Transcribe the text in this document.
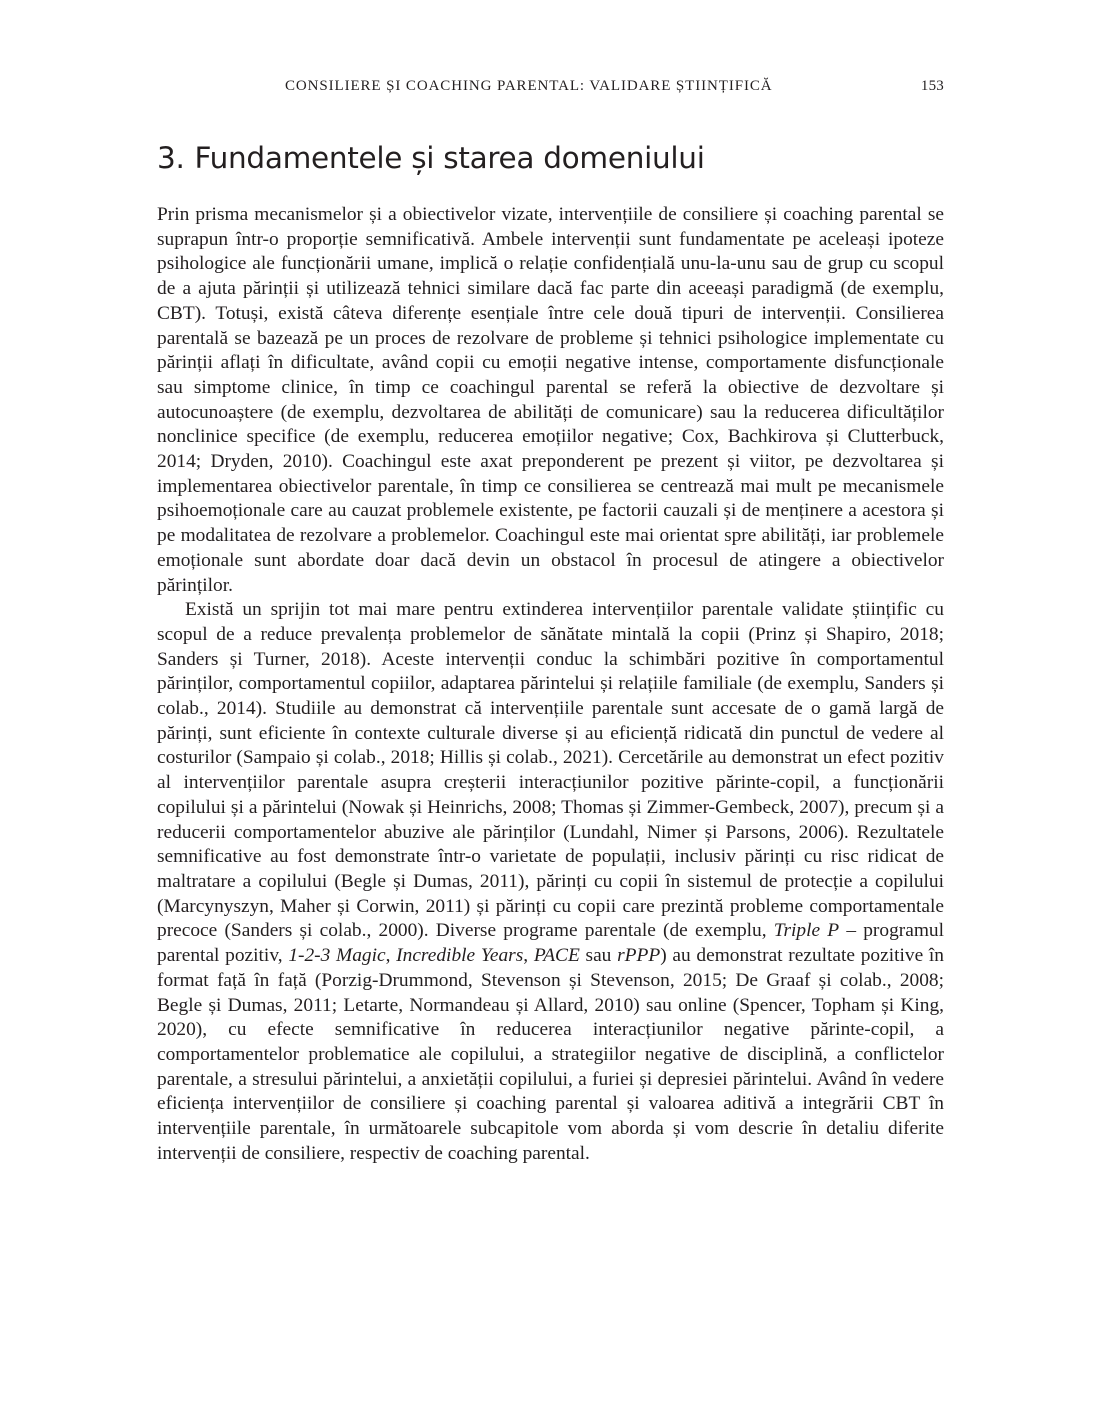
CONSILIERE ȘI COACHING PARENTAL: VALIDARE ȘTIINȚIFICĂ	153
3. Fundamentele și starea domeniului

Prin prisma mecanismelor și a obiectivelor vizate, intervențiile de consiliere și coaching parental se suprapun într-o proporție semnificativă. Ambele intervenții sunt fundamentate pe aceleași ipoteze psihologice ale funcționării umane, implică o relație confidențială unu-la-unu sau de grup cu scopul de a ajuta părinții și utilizează tehnici similare dacă fac parte din aceeași paradigmă (de exemplu, CBT). Totuși, există câteva diferențe esențiale între cele două tipuri de intervenții. Consilierea parentală se bazează pe un proces de rezolvare de probleme și tehnici psihologice implementate cu părinții aflați în dificultate, având copii cu emoții negative intense, comportamente disfuncționale sau simptome clinice, în timp ce coachingul parental se referă la obiective de dezvoltare și autocunoaștere (de exemplu, dezvoltarea de abilități de comunicare) sau la reducerea dificultăților nonclinice specifice (de exemplu, reducerea emoțiilor negative; Cox, Bachkirova și Clutterbuck, 2014; Dryden, 2010). Coachingul este axat preponderent pe prezent și viitor, pe dezvoltarea și implementarea obiectivelor parentale, în timp ce consilierea se centrează mai mult pe mecanismele psihoemoționale care au cauzat problemele existente, pe factorii cauzali și de menținere a acestora și pe modalitatea de rezolvare a problemelor. Coachingul este mai orientat spre abilități, iar problemele emoționale sunt abordate doar dacă devin un obstacol în procesul de atingere a obiectivelor părinților.

Există un sprijin tot mai mare pentru extinderea intervențiilor parentale validate științific cu scopul de a reduce prevalența problemelor de sănătate mintală la copii (Prinz și Shapiro, 2018; Sanders și Turner, 2018). Aceste intervenții conduc la schimbări pozitive în comportamentul părinților, comportamentul copiilor, adaptarea părintelui și relațiile familiale (de exemplu, Sanders și colab., 2014). Studiile au demonstrat că intervențiile parentale sunt accesate de o gamă largă de părinți, sunt eficiente în contexte culturale diverse și au eficiență ridicată din punctul de vedere al costurilor (Sampaio și colab., 2018; Hillis și colab., 2021). Cercetările au demonstrat un efect pozitiv al intervențiilor parentale asupra creșterii interacțiunilor pozitive părinte-copil, a funcționării copilului și a părintelui (Nowak și Heinrichs, 2008; Thomas și Zimmer-Gembeck, 2007), precum și a reducerii comportamentelor abuzive ale părinților (Lundahl, Nimer și Parsons, 2006). Rezultatele semnificative au fost demonstrate într-o varietate de populații, inclusiv părinți cu risc ridicat de maltratare a copilului (Begle și Dumas, 2011), părinți cu copii în sistemul de protecție a copilului (Marcynyszyn, Maher și Corwin, 2011) și părinți cu copii care prezintă probleme comportamentale precoce (Sanders și colab., 2000). Diverse programe parentale (de exemplu, Triple P – programul parental pozitiv, 1-2-3 Magic, Incredible Years, PACE sau rPPP) au demonstrat rezultate pozitive în format față în față (Porzig-Drummond, Stevenson și Stevenson, 2015; De Graaf și colab., 2008; Begle și Dumas, 2011; Letarte, Normandeau și Allard, 2010) sau online (Spencer, Topham și King, 2020), cu efecte semnificative în reducerea interacțiunilor negative părinte-copil, a comportamentelor problematice ale copilului, a strategiilor negative de disciplină, a conflictelor parentale, a stresului părintelui, a anxietății copilului, a furiei și depresiei părintelui. Având în vedere eficiența intervențiilor de consiliere și coaching parental și valoarea aditivă a integrării CBT în intervențiile parentale, în următoarele subcapitole vom aborda și vom descrie în detaliu diferite intervenții de consiliere, respectiv de coaching parental.
